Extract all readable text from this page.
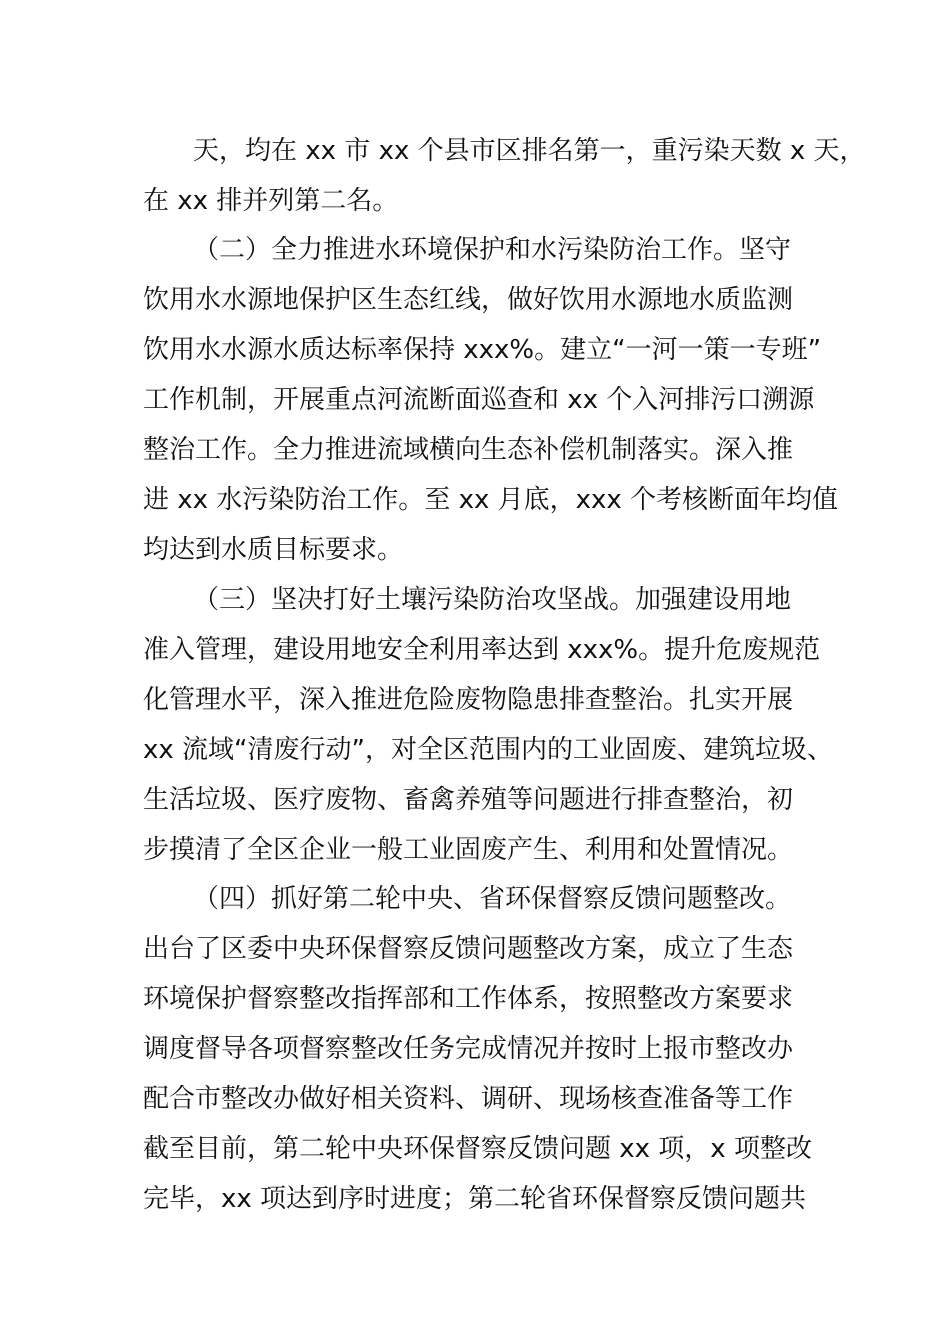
天，均在 xx 市 xx 个县市区排名第一，重污染天数 x 天，
在 xx 排并列第二名。
（二）全力推进水环境保护和水污染防治工作。坚守
饮用水水源地保护区生态红线，做好饮用水源地水质监测
饮用水水源水质达标率保持 xxx%。建立“一河一策一专班”
工作机制，开展重点河流断面巡查和 xx 个入河排污口溯源
整治工作。全力推进流域横向生态补偿机制落实。深入推
进 xx 水污染防治工作。至 xx 月底，xxx 个考核断面年均值
均达到水质目标要求。
（三）坚决打好土壤污染防治攻坚战。加强建设用地
准入管理，建设用地安全利用率达到 xxx%。提升危废规范
化管理水平，深入推进危险废物隐患排查整治。扎实开展
xx 流域“清废行动”，对全区范围内的工业固废、建筑垃圾、
生活垃圾、医疗废物、畜禽养殖等问题进行排查整治，初
步摸清了全区企业一般工业固废产生、利用和处置情况。
（四）抓好第二轮中央、省环保督察反馈问题整改。
出台了区委中央环保督察反馈问题整改方案，成立了生态
环境保护督察整改指挥部和工作体系，按照整改方案要求
调度督导各项督察整改任务完成情况并按时上报市整改办
配合市整改办做好相关资料、调研、现场核查准备等工作
截至目前，第二轮中央环保督察反馈问题 xx 项，x 项整改
完毕，xx 项达到序时进度；第二轮省环保督察反馈问题共
